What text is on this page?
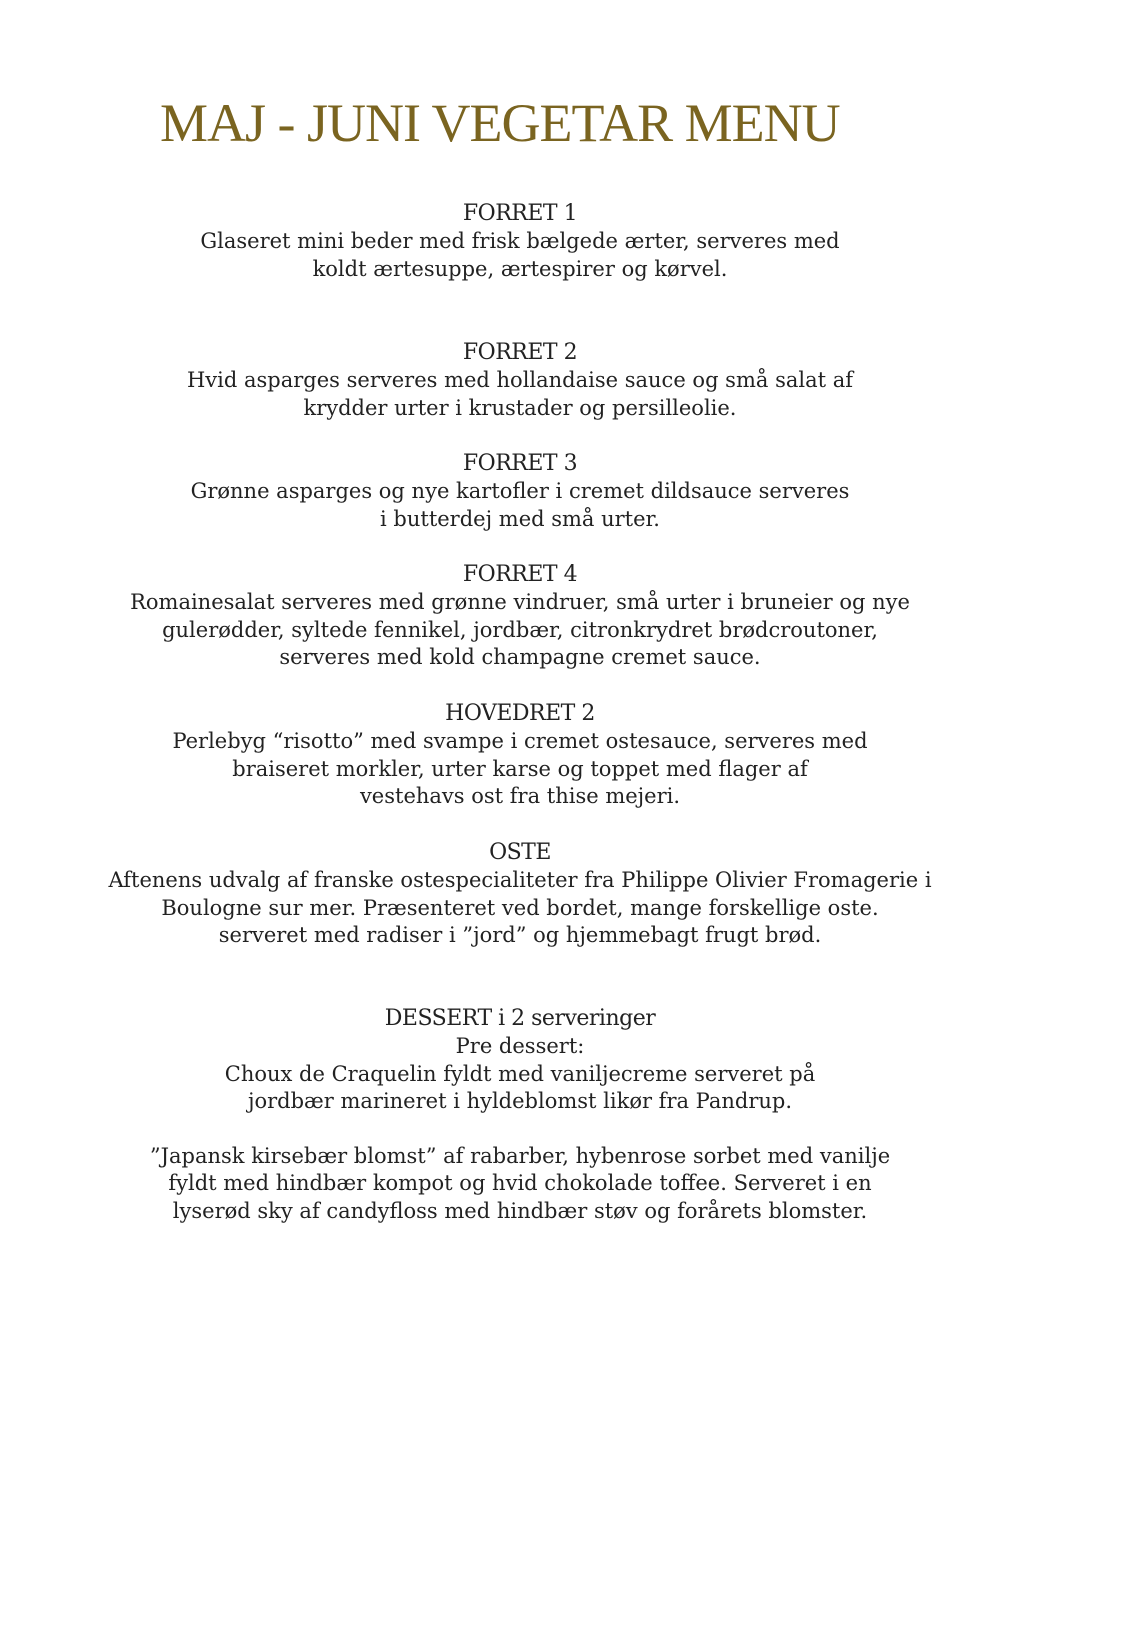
MAJ - JUNI VEGETAR MENU
FORRET 1
Glaseret mini beder med frisk bælgede ærter, serveres med
koldt ærtesuppe, ærtespirer og kørvel.
FORRET 2
Hvid asparges serveres med hollandaise sauce og små salat af
krydder urter i krustader og persilleolie.
FORRET 3
Grønne asparges og nye kartofler i cremet dildsauce serveres
i butterdej med små urter.
FORRET 4
Romainesalat serveres med grønne vindruer, små urter i bruneier og nye
gulerødder, syltede fennikel, jordbær, citronkrydret brødcroutoner,
serveres med kold champagne cremet sauce.
HOVEDRET 2
Perlebyg “risotto” med svampe i cremet ostesauce, serveres med
braiseret morkler, urter karse og toppet med flager af
vestehavs ost fra thise mejeri.
OSTE
Aftenens udvalg af franske ostespecialiteter fra Philippe Olivier Fromagerie i
Boulogne sur mer. Præsenteret ved bordet, mange forskellige oste.
serveret med radiser i ”jord” og hjemmebagt frugt brød.
DESSERT i 2 serveringer
Pre dessert:
Choux de Craquelin fyldt med vaniljecreme serveret på
jordbær marineret i hyldeblomst likør fra Pandrup.
”Japansk kirsebær blomst” af rabarber, hybenrose sorbet med vanilje
fyldt med hindbær kompot og hvid chokolade toffee. Serveret i en
lyserød sky af candyfloss med hindbær støv og forårets blomster.
